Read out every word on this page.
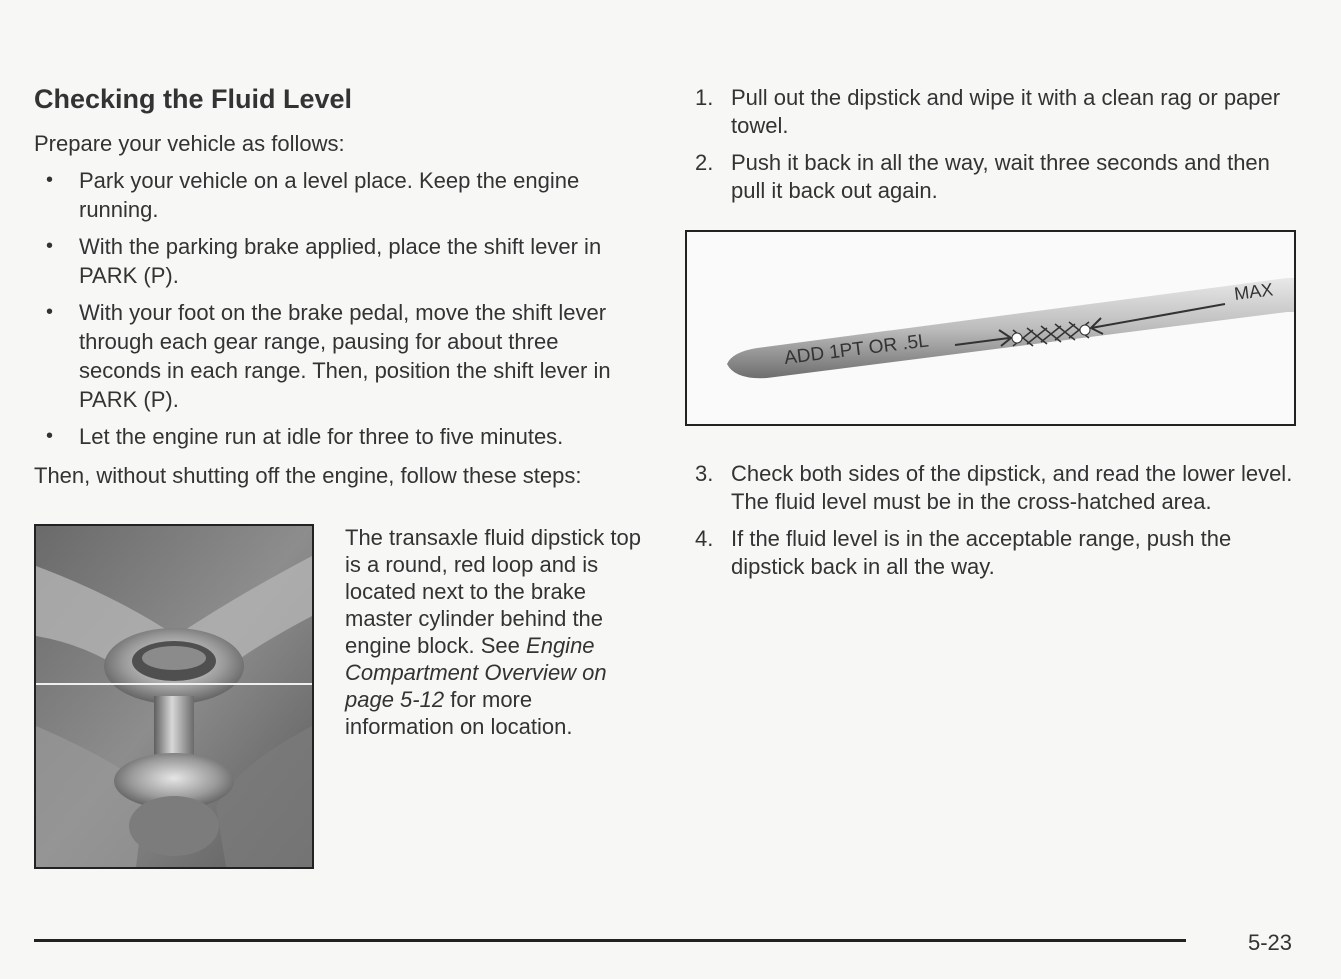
Checking the Fluid Level

Prepare your vehicle as follows:

• Park your vehicle on a level place. Keep the engine running.
• With the parking brake applied, place the shift lever in PARK (P).
• With your foot on the brake pedal, move the shift lever through each gear range, pausing for about three seconds in each range. Then, position the shift lever in PARK (P).
• Let the engine run at idle for three to five minutes.

Then, without shutting off the engine, follow these steps:

The transaxle fluid dipstick top is a round, red loop and is located next to the brake master cylinder behind the engine block. See Engine Compartment Overview on page 5-12 for more information on location.
1. Pull out the dipstick and wipe it with a clean rag or paper towel.
2. Push it back in all the way, wait three seconds and then pull it back out again.
ADD 1PT OR .5L
MAX
3. Check both sides of the dipstick, and read the lower level. The fluid level must be in the cross-hatched area.
4. If the fluid level is in the acceptable range, push the dipstick back in all the way.
5-23
